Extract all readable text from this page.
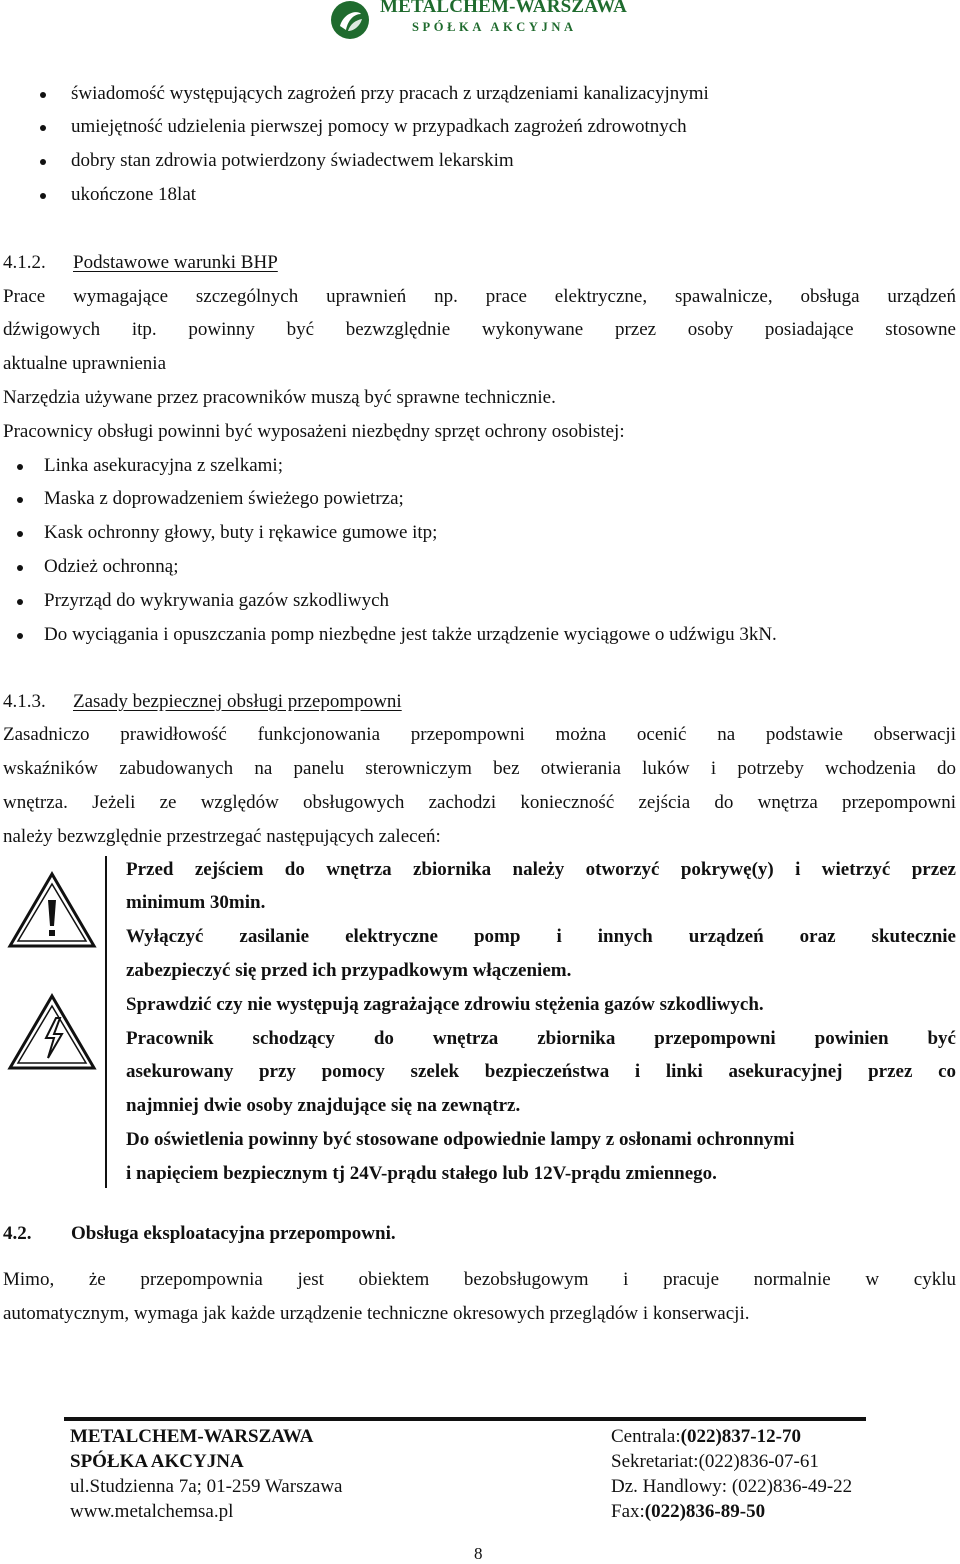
METALCHEM-WARSZAWA
SPÓŁKA AKCYJNA
świadomość występujących zagrożeń przy pracach z urządzeniami kanalizacyjnymi
umiejętność udzielenia pierwszej pomocy w przypadkach zagrożeń zdrowotnych
dobry stan zdrowia potwierdzony świadectwem lekarskim
ukończone 18lat
4.1.2. Podstawowe warunki BHP
Prace wymagające szczególnych uprawnień np. prace elektryczne, spawalnicze, obsługa urządzeń
dźwigowych itp. powinny być bezwzględnie wykonywane przez osoby posiadające stosowne
aktualne uprawnienia
Narzędzia używane przez pracowników muszą być sprawne technicznie.
Pracownicy obsługi powinni być wyposażeni niezbędny sprzęt ochrony osobistej:
Linka asekuracyjna z szelkami;
Maska z doprowadzeniem świeżego powietrza;
Kask ochronny głowy, buty i rękawice gumowe itp;
Odzież ochronną;
Przyrząd do wykrywania gazów szkodliwych
Do wyciągania i opuszczania pomp niezbędne jest także urządzenie wyciągowe o udźwigu 3kN.
4.1.3. Zasady bezpiecznej obsługi przepompowni
Zasadniczo prawidłowość funkcjonowania przepompowni można ocenić na podstawie obserwacji
wskaźników zabudowanych na panelu sterowniczym bez otwierania luków i potrzeby wchodzenia do
wnętrza. Jeżeli ze względów obsługowych zachodzi konieczność zejścia do wnętrza przepompowni
należy bezwzględnie przestrzegać następujących zaleceń:
Przed zejściem do wnętrza zbiornika należy otworzyć pokrywę(y) i wietrzyć przez
minimum 30min.
Wyłączyć zasilanie elektryczne pomp i innych urządzeń oraz skutecznie
zabezpieczyć się przed ich przypadkowym włączeniem.
Sprawdzić czy nie występują zagrażające zdrowiu stężenia gazów szkodliwych.
Pracownik schodzący do wnętrza zbiornika przepompowni powinien być
asekurowany przy pomocy szelek bezpieczeństwa i linki asekuracyjnej przez co
najmniej dwie osoby znajdujące się na zewnątrz.
Do oświetlenia powinny być stosowane odpowiednie lampy z osłonami ochronnymi
i napięciem bezpiecznym tj 24V-prądu stałego lub 12V-prądu zmiennego.
4.2. Obsługa eksploatacyjna przepompowni.
Mimo, że przepompownia jest obiektem bezobsługowym i pracuje normalnie w cyklu
automatycznym, wymaga jak każde urządzenie techniczne okresowych przeglądów i konserwacji.
METALCHEM-WARSZAWA
SPÓŁKA AKCYJNA
ul.Studzienna 7a; 01-259 Warszawa
www.metalchemsa.pl
Centrala:(022)837-12-70
Sekretariat:(022)836-07-61
Dz. Handlowy: (022)836-49-22
Fax:(022)836-89-50
8
